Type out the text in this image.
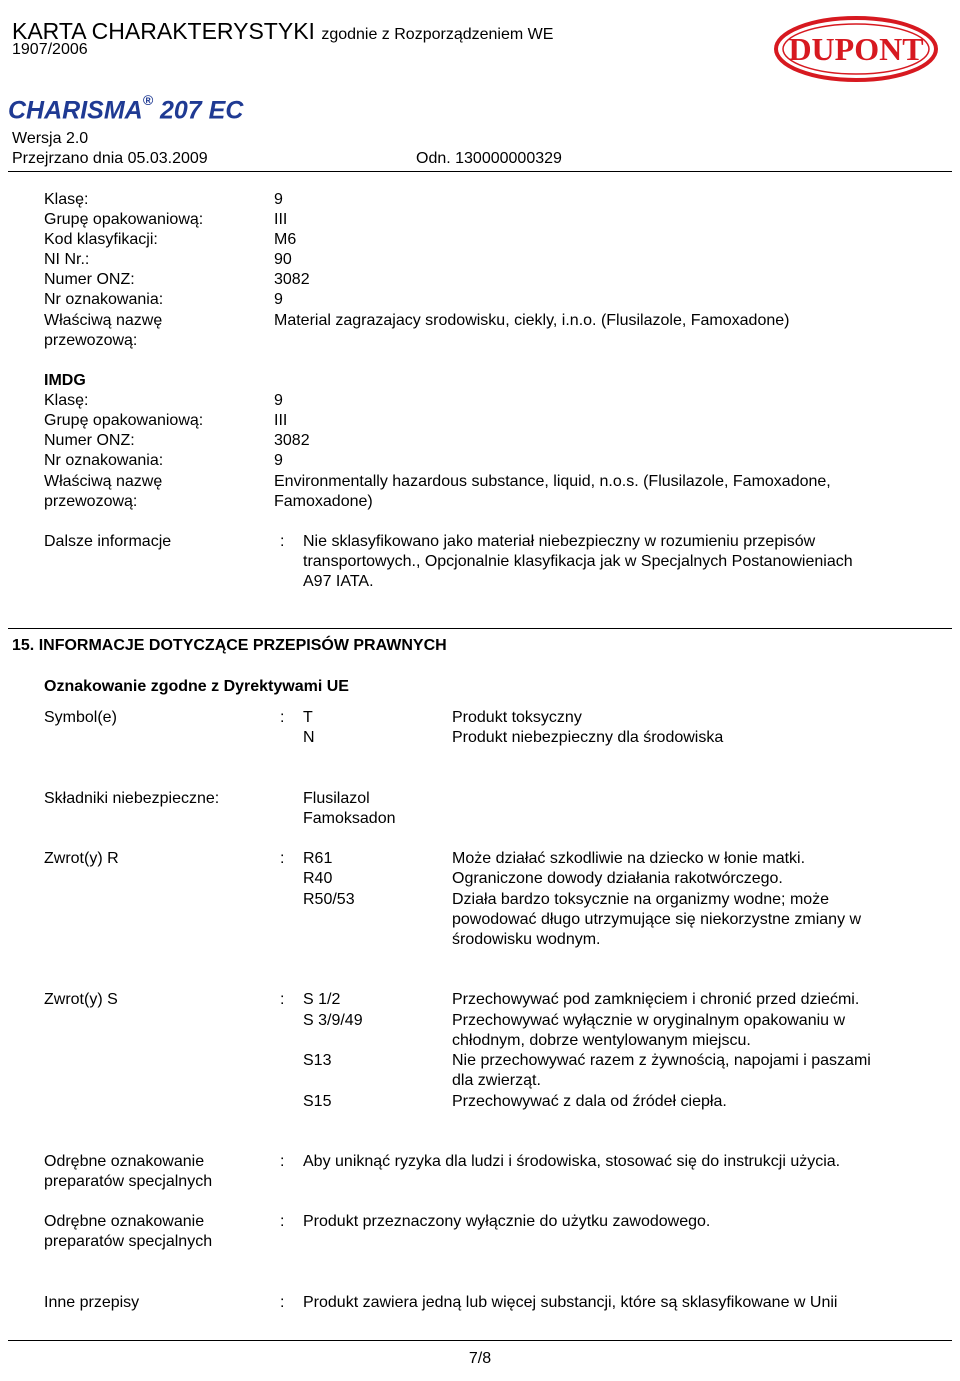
KARTA CHARAKTERYSTYKI zgodnie z Rozporządzeniem WE
1907/2006	DUPONT
CHARISMA® 207 EC
Wersja 2.0
Przejrzano dnia 05.03.2009	Odn. 130000000329
Klasę:	9
Grupę opakowaniową:	III
Kod klasyfikacji:	M6
NI Nr.:	90
Numer ONZ:	3082
Nr oznakowania:	9
Właściwą nazwę
przewozową:
Material zagrazajacy srodowisku, ciekly, i.n.o. (Flusilazole, Famoxadone)
IMDG
Klasę:	9
Grupę opakowaniową:	III
Numer ONZ:	3082
Nr oznakowania:	9
Właściwą nazwę
przewozową:
Environmentally hazardous substance, liquid, n.o.s. (Flusilazole, Famoxadone,
Famoxadone)
Dalsze informacje	: Nie sklasyfikowano jako materiał niebezpieczny w rozumieniu przepisów
transportowych., Opcjonalnie klasyfikacja jak w Specjalnych Postanowieniach
A97 IATA.
15. INFORMACJE DOTYCZĄCE PRZEPISÓW PRAWNYCH
Oznakowanie zgodne z Dyrektywami UE
Symbol(e)	: T	Produkt toksyczny
N	Produkt niebezpieczny dla środowiska
Składniki niebezpieczne:	Flusilazol
Famoksadon
Zwrot(y) R	: R61	Może działać szkodliwie na dziecko w łonie matki.
R40	Ograniczone dowody działania rakotwórczego.
R50/53	Działa bardzo toksycznie na organizmy wodne; może
powodować długo utrzymujące się niekorzystne zmiany w
środowisku wodnym.
Zwrot(y) S	: S 1/2	Przechowywać pod zamknięciem i chronić przed dziećmi.
S 3/9/49	Przechowywać wyłącznie w oryginalnym opakowaniu w
chłodnym, dobrze wentylowanym miejscu.
S13	Nie przechowywać razem z żywnością, napojami i paszami
dla zwierząt.
S15	Przechowywać z dala od źródeł ciepła.
Odrębne oznakowanie
preparatów specjalnych
: Aby uniknąć ryzyka dla ludzi i środowiska, stosować się do instrukcji użycia.
Odrębne oznakowanie
preparatów specjalnych
: Produkt przeznaczony wyłącznie do użytku zawodowego.
Inne przepisy	: Produkt zawiera jedną lub więcej substancji, które są sklasyfikowane w Unii
7/8
